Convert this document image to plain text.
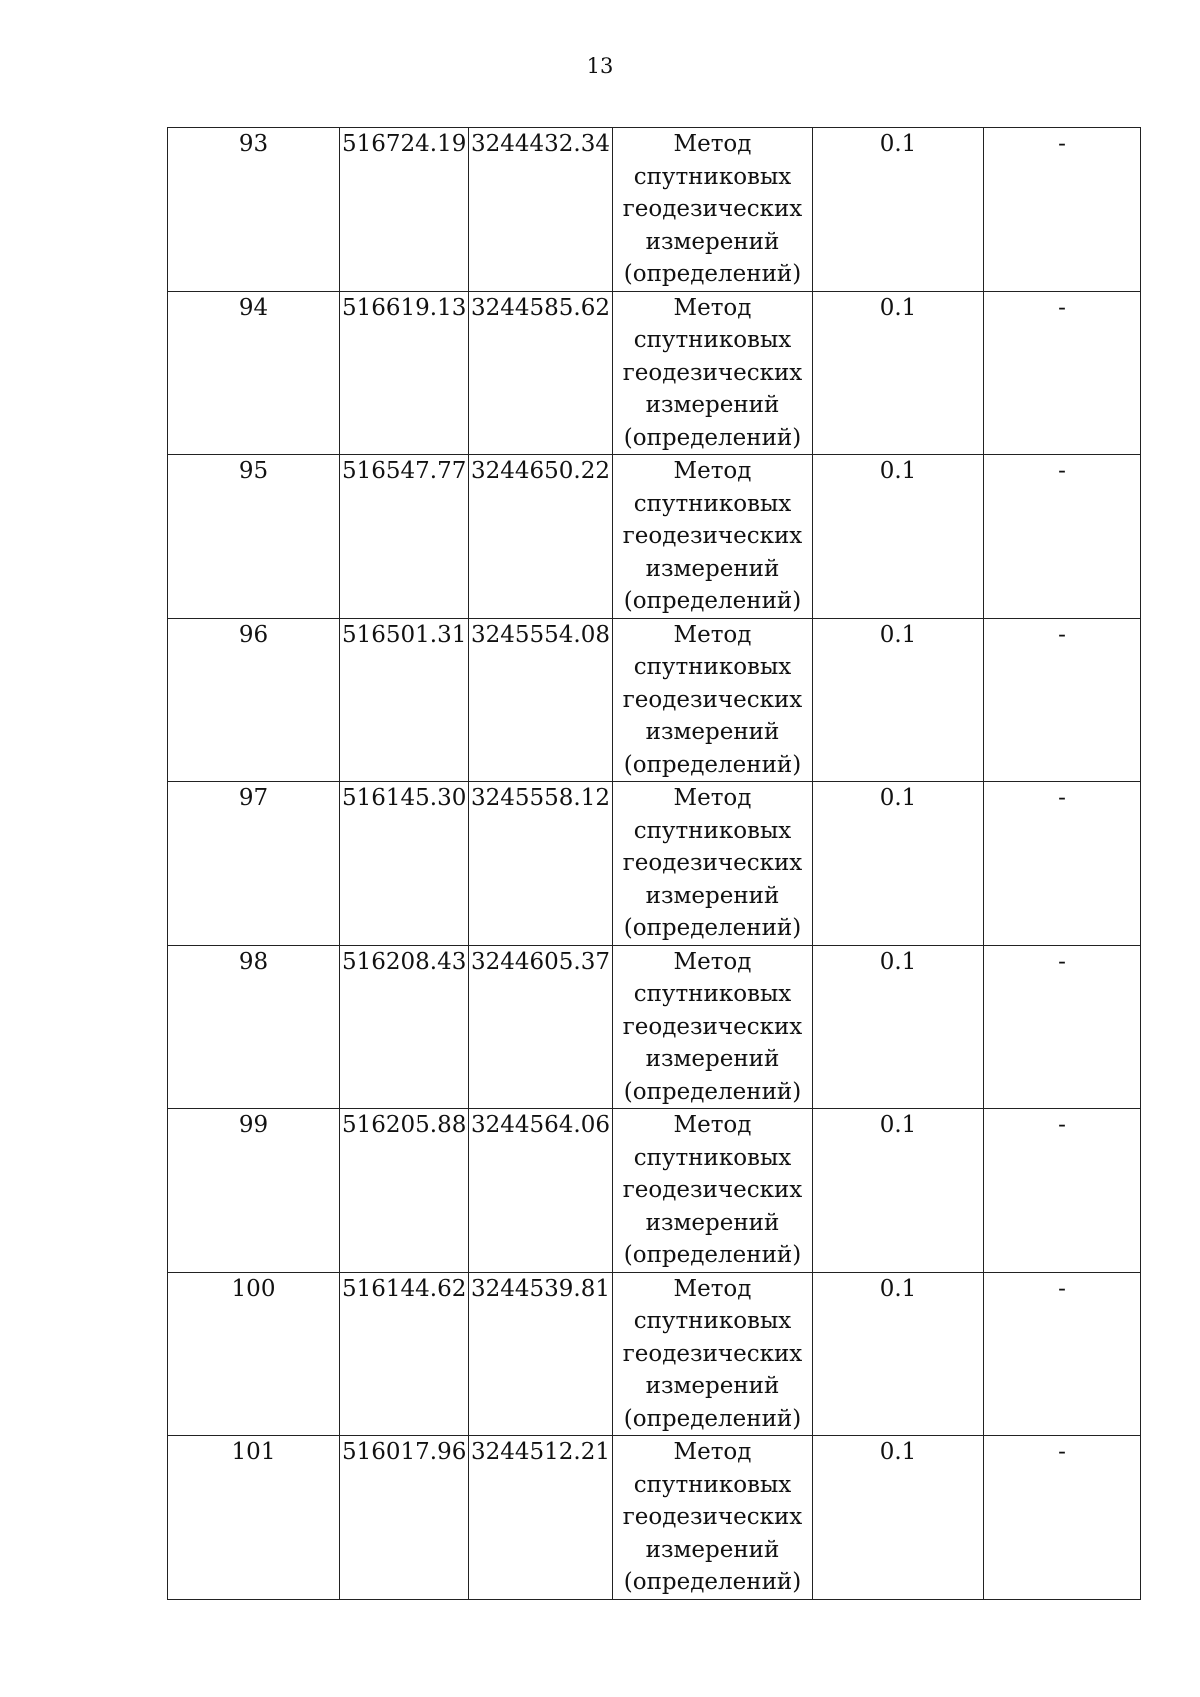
13
93	516724.19	3244432.34	Метод
спутниковых
геодезических
измерений
(определений)	0.1	-
94	516619.13	3244585.62	Метод
спутниковых
геодезических
измерений
(определений)	0.1	-
95	516547.77	3244650.22	Метод
спутниковых
геодезических
измерений
(определений)	0.1	-
96	516501.31	3245554.08	Метод
спутниковых
геодезических
измерений
(определений)	0.1	-
97	516145.30	3245558.12	Метод
спутниковых
геодезических
измерений
(определений)	0.1	-
98	516208.43	3244605.37	Метод
спутниковых
геодезических
измерений
(определений)	0.1	-
99	516205.88	3244564.06	Метод
спутниковых
геодезических
измерений
(определений)	0.1	-
100	516144.62	3244539.81	Метод
спутниковых
геодезических
измерений
(определений)	0.1	-
101	516017.96	3244512.21	Метод
спутниковых
геодезических
измерений
(определений)	0.1	-
